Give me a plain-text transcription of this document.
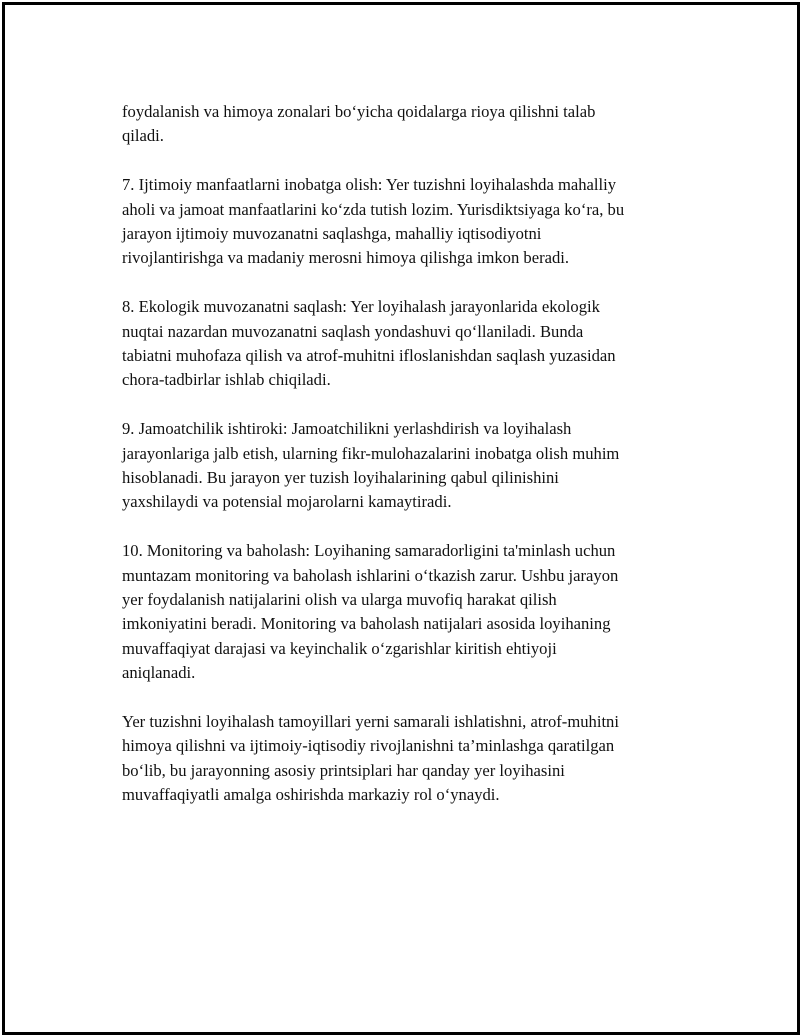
foydalanish va himoya zonalari bo‘yicha qoidalarga rioya qilishni talab
qiladi.

7. Ijtimoiy manfaatlarni inobatga olish: Yer tuzishni loyihalashda mahalliy
aholi va jamoat manfaatlarini ko‘zda tutish lozim. Yurisdiktsiyaga ko‘ra, bu
jarayon ijtimoiy muvozanatni saqlashga, mahalliy iqtisodiyotni
rivojlantirishga va madaniy merosni himoya qilishga imkon beradi.

8. Ekologik muvozanatni saqlash: Yer loyihalash jarayonlarida ekologik
nuqtai nazardan muvozanatni saqlash yondashuvi qo‘llaniladi. Bunda
tabiatni muhofaza qilish va atrof-muhitni ifloslanishdan saqlash yuzasidan
chora-tadbirlar ishlab chiqiladi.

9. Jamoatchilik ishtiroki: Jamoatchilikni yerlashdirish va loyihalash
jarayonlariga jalb etish, ularning fikr-mulohazalarini inobatga olish muhim
hisoblanadi. Bu jarayon yer tuzish loyihalarining qabul qilinishini
yaxshilaydi va potensial mojarolarni kamaytiradi.

10. Monitoring va baholash: Loyihaning samaradorligini ta'minlash uchun
muntazam monitoring va baholash ishlarini o‘tkazish zarur. Ushbu jarayon
yer foydalanish natijalarini olish va ularga muvofiq harakat qilish
imkoniyatini beradi. Monitoring va baholash natijalari asosida loyihaning
muvaffaqiyat darajasi va keyinchalik o‘zgarishlar kiritish ehtiyoji
aniqlanadi.

Yer tuzishni loyihalash tamoyillari yerni samarali ishlatishni, atrof-muhitni
himoya qilishni va ijtimoiy-iqtisodiy rivojlanishni ta’minlashga qaratilgan
bo‘lib, bu jarayonning asosiy printsiplari har qanday yer loyihasini
muvaffaqiyatli amalga oshirishda markaziy rol o‘ynaydi.
